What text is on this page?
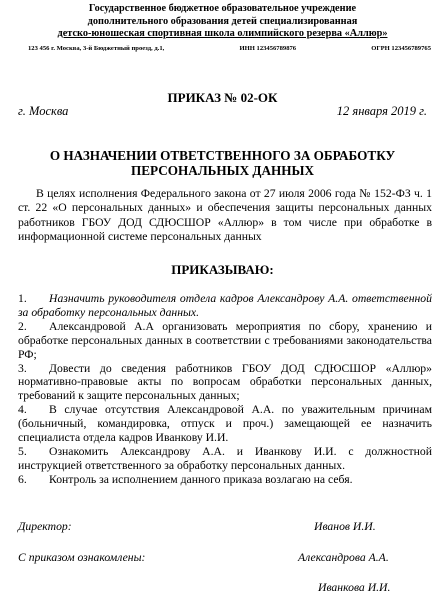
Государственное бюджетное образовательное учреждение
дополнительного образования детей специализированная
детско-юношеская спортивная школа олимпийского резерва «Аллюр»
123 456 г. Москва, 3-й Бюджетный проезд, д.1,	ИНН 123456789876	ОГРН 123456789765
ПРИКАЗ № 02-ОК
г. Москва	12 января 2019 г.
О НАЗНАЧЕНИИ ОТВЕТСТВЕННОГО ЗА ОБРАБОТКУ
ПЕРСОНАЛЬНЫХ ДАННЫХ

В целях исполнения Федерального закона от 27 июля 2006 года № 152-ФЗ ч. 1 ст. 22 «О персональных данных» и обеспечения защиты персональных данных работников ГБОУ ДОД СДЮСШОР «Аллюр» в том числе при обработке в информационной системе персональных данных

ПРИКАЗЫВАЮ:
1. Назначить руководителя отдела кадров Александрову А.А. ответственной за обработку персональных данных.
2. Александровой А.А организовать мероприятия по сбору, хранению и обработке персональных данных в соответствии с требованиями законодательства РФ;
3. Довести до сведения работников ГБОУ ДОД СДЮСШОР «Аллюр» нормативно-правовые акты по вопросам обработки персональных данных, требований к защите персональных данных;
4. В случае отсутствия Александровой А.А. по уважительным причинам (больничный, командировка, отпуск и проч.) замещающей ее назначить специалиста отдела кадров Иванкову И.И.
5. Ознакомить Александрову А.А. и Иванкову И.И. с должностной инструкцией ответственного за обработку персональных данных.
6. Контроль за исполнением данного приказа возлагаю на себя.
Директор:	Иванов И.И.
С приказом ознакомлены:	Александрова А.А.
Иванкова И.И.
